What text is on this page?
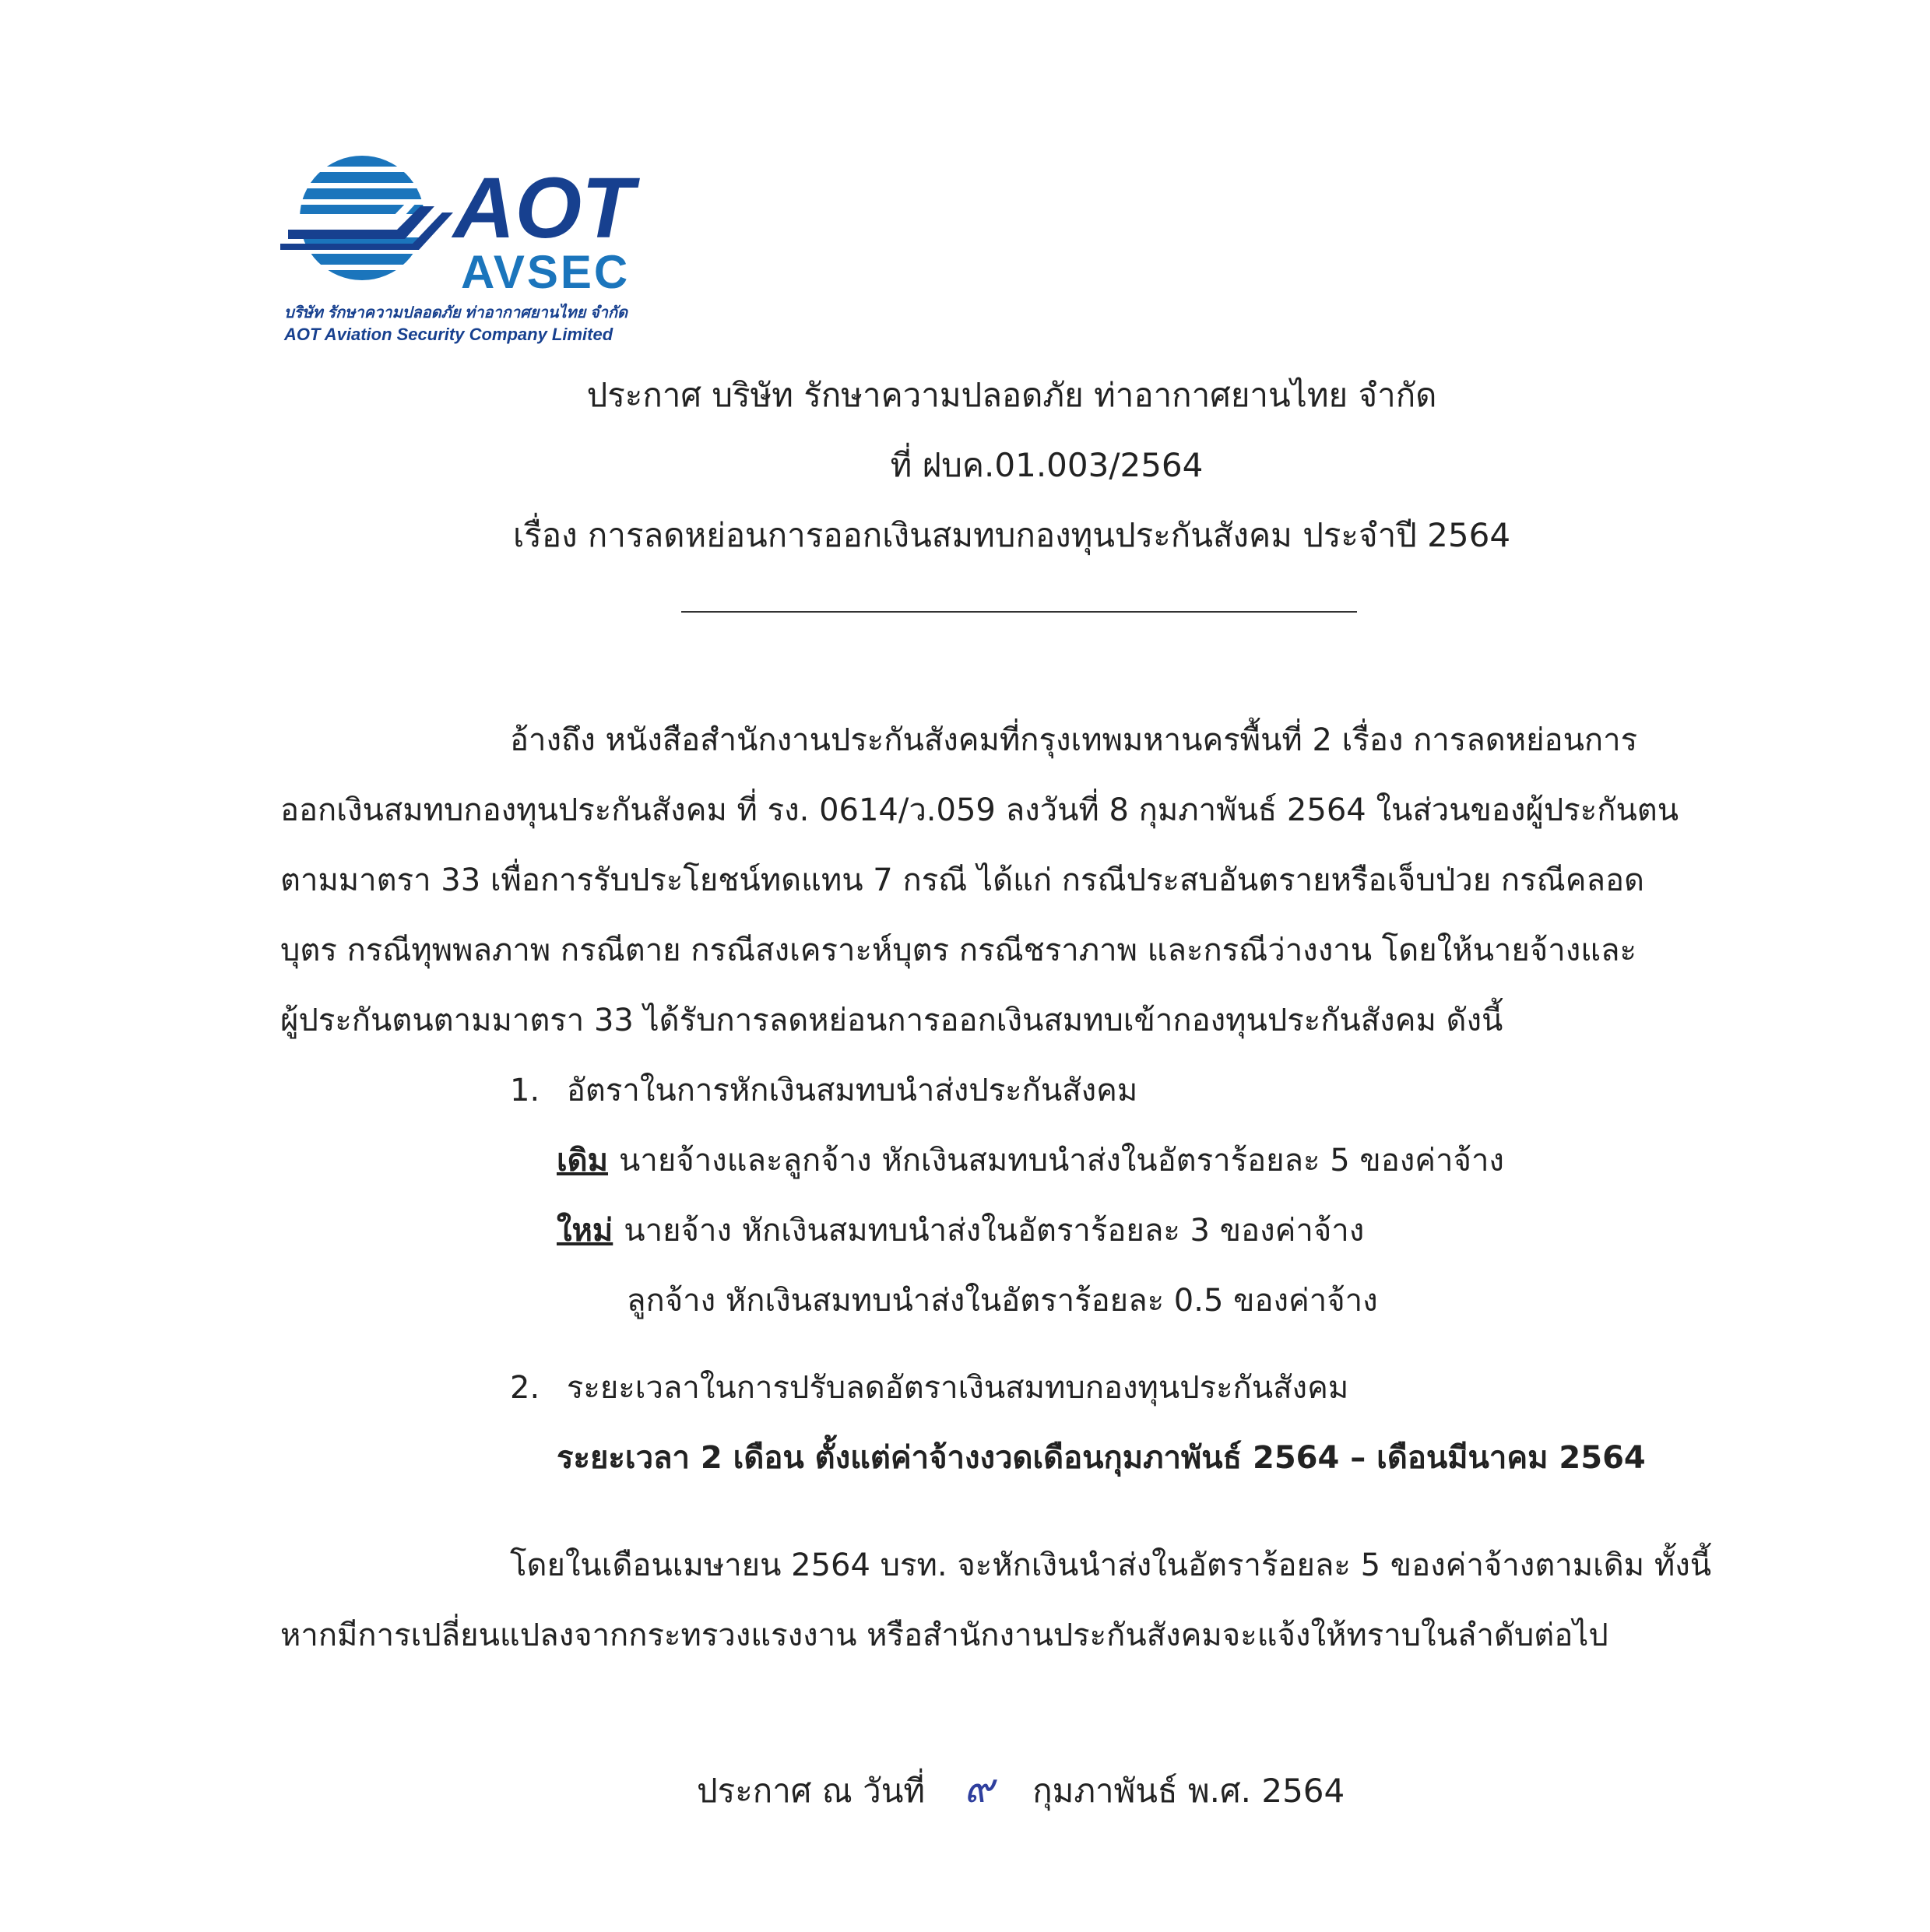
AOT
AVSEC
บริษัท รักษาความปลอดภัย ท่าอากาศยานไทย จำกัด
AOT Aviation Security Company Limited
ประกาศ บริษัท รักษาความปลอดภัย ท่าอากาศยานไทย จำกัด
ที่ ฝบค.01.003/2564
เรื่อง การลดหย่อนการออกเงินสมทบกองทุนประกันสังคม ประจำปี 2564
อ้างถึง หนังสือสำนักงานประกันสังคมที่กรุงเทพมหานครพื้นที่ 2 เรื่อง การลดหย่อนการ
ออกเงินสมทบกองทุนประกันสังคม ที่ รง. 0614/ว.059 ลงวันที่ 8 กุมภาพันธ์ 2564 ในส่วนของผู้ประกันตน
ตามมาตรา 33 เพื่อการรับประโยชน์ทดแทน 7 กรณี ได้แก่ กรณีประสบอันตรายหรือเจ็บป่วย กรณีคลอด
บุตร กรณีทุพพลภาพ กรณีตาย กรณีสงเคราะห์บุตร กรณีชราภาพ และกรณีว่างงาน โดยให้นายจ้างและ
ผู้ประกันตนตามมาตรา 33 ได้รับการลดหย่อนการออกเงินสมทบเข้ากองทุนประกันสังคม ดังนี้
1. อัตราในการหักเงินสมทบนำส่งประกันสังคม
เดิม นายจ้างและลูกจ้าง หักเงินสมทบนำส่งในอัตราร้อยละ 5 ของค่าจ้าง
ใหม่ นายจ้าง หักเงินสมทบนำส่งในอัตราร้อยละ 3 ของค่าจ้าง
ลูกจ้าง หักเงินสมทบนำส่งในอัตราร้อยละ 0.5 ของค่าจ้าง
2. ระยะเวลาในการปรับลดอัตราเงินสมทบกองทุนประกันสังคม
ระยะเวลา 2 เดือน ตั้งแต่ค่าจ้างงวดเดือนกุมภาพันธ์ 2564 – เดือนมีนาคม 2564
โดยในเดือนเมษายน 2564 บรท. จะหักเงินนำส่งในอัตราร้อยละ 5 ของค่าจ้างตามเดิม ทั้งนี้
หากมีการเปลี่ยนแปลงจากกระทรวงแรงงาน หรือสำนักงานประกันสังคมจะแจ้งให้ทราบในลำดับต่อไป
ประกาศ ณ วันที่ ๙ กุมภาพันธ์ พ.ศ. 2564
